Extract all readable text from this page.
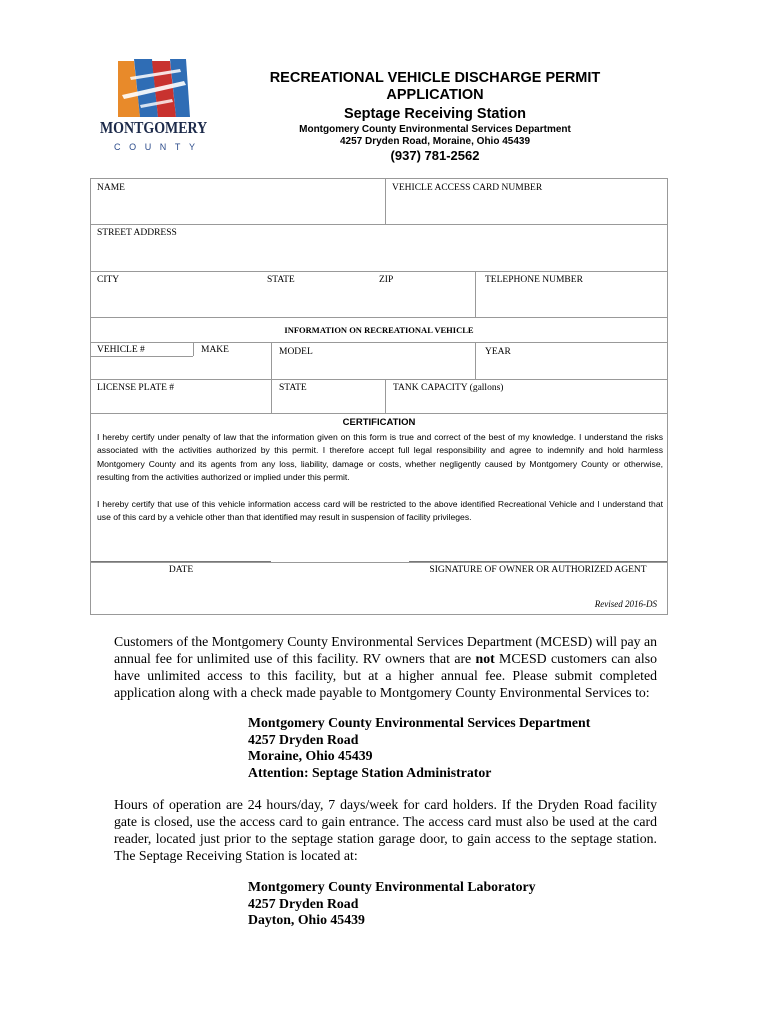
MONTGOMERY
COUNTY
RECREATIONAL VEHICLE DISCHARGE PERMIT
APPLICATION
Septage Receiving Station
Montgomery County Environmental Services Department
4257 Dryden Road, Moraine, Ohio 45439
(937) 781-2562
NAME	VEHICLE ACCESS CARD NUMBER
STREET ADDRESS
CITY	STATE	ZIP	TELEPHONE NUMBER
INFORMATION ON RECREATIONAL VEHICLE
VEHICLE #	MAKE	MODEL	YEAR
LICENSE PLATE #	STATE	TANK CAPACITY (gallons)
CERTIFICATION
I hereby certify under penalty of law that the information given on this form is true and correct of the best of my knowledge. I understand the risks associated with the activities authorized by this permit. I therefore accept full legal responsibility and agree to indemnify and hold harmless Montgomery County and its agents from any loss, liability, damage or costs, whether negligently caused by Montgomery County or otherwise, resulting from the activities authorized or implied under this permit.
I hereby certify that use of this vehicle information access card will be restricted to the above identified Recreational Vehicle and I understand that use of this card by a vehicle other than that identified may result in suspension of facility privileges.
DATE	SIGNATURE OF OWNER OR AUTHORIZED AGENT
Revised 2016-DS
Customers of the Montgomery County Environmental Services Department (MCESD) will pay an annual fee for unlimited use of this facility. RV owners that are not MCESD customers can also have unlimited access to this facility, but at a higher annual fee. Please submit completed application along with a check made payable to Montgomery County Environmental Services to:
Montgomery County Environmental Services Department
4257 Dryden Road
Moraine, Ohio 45439
Attention: Septage Station Administrator
Hours of operation are 24 hours/day, 7 days/week for card holders. If the Dryden Road facility gate is closed, use the access card to gain entrance. The access card must also be used at the card reader, located just prior to the septage station garage door, to gain access to the septage station. The Septage Receiving Station is located at:
Montgomery County Environmental Laboratory
4257 Dryden Road
Dayton, Ohio 45439
